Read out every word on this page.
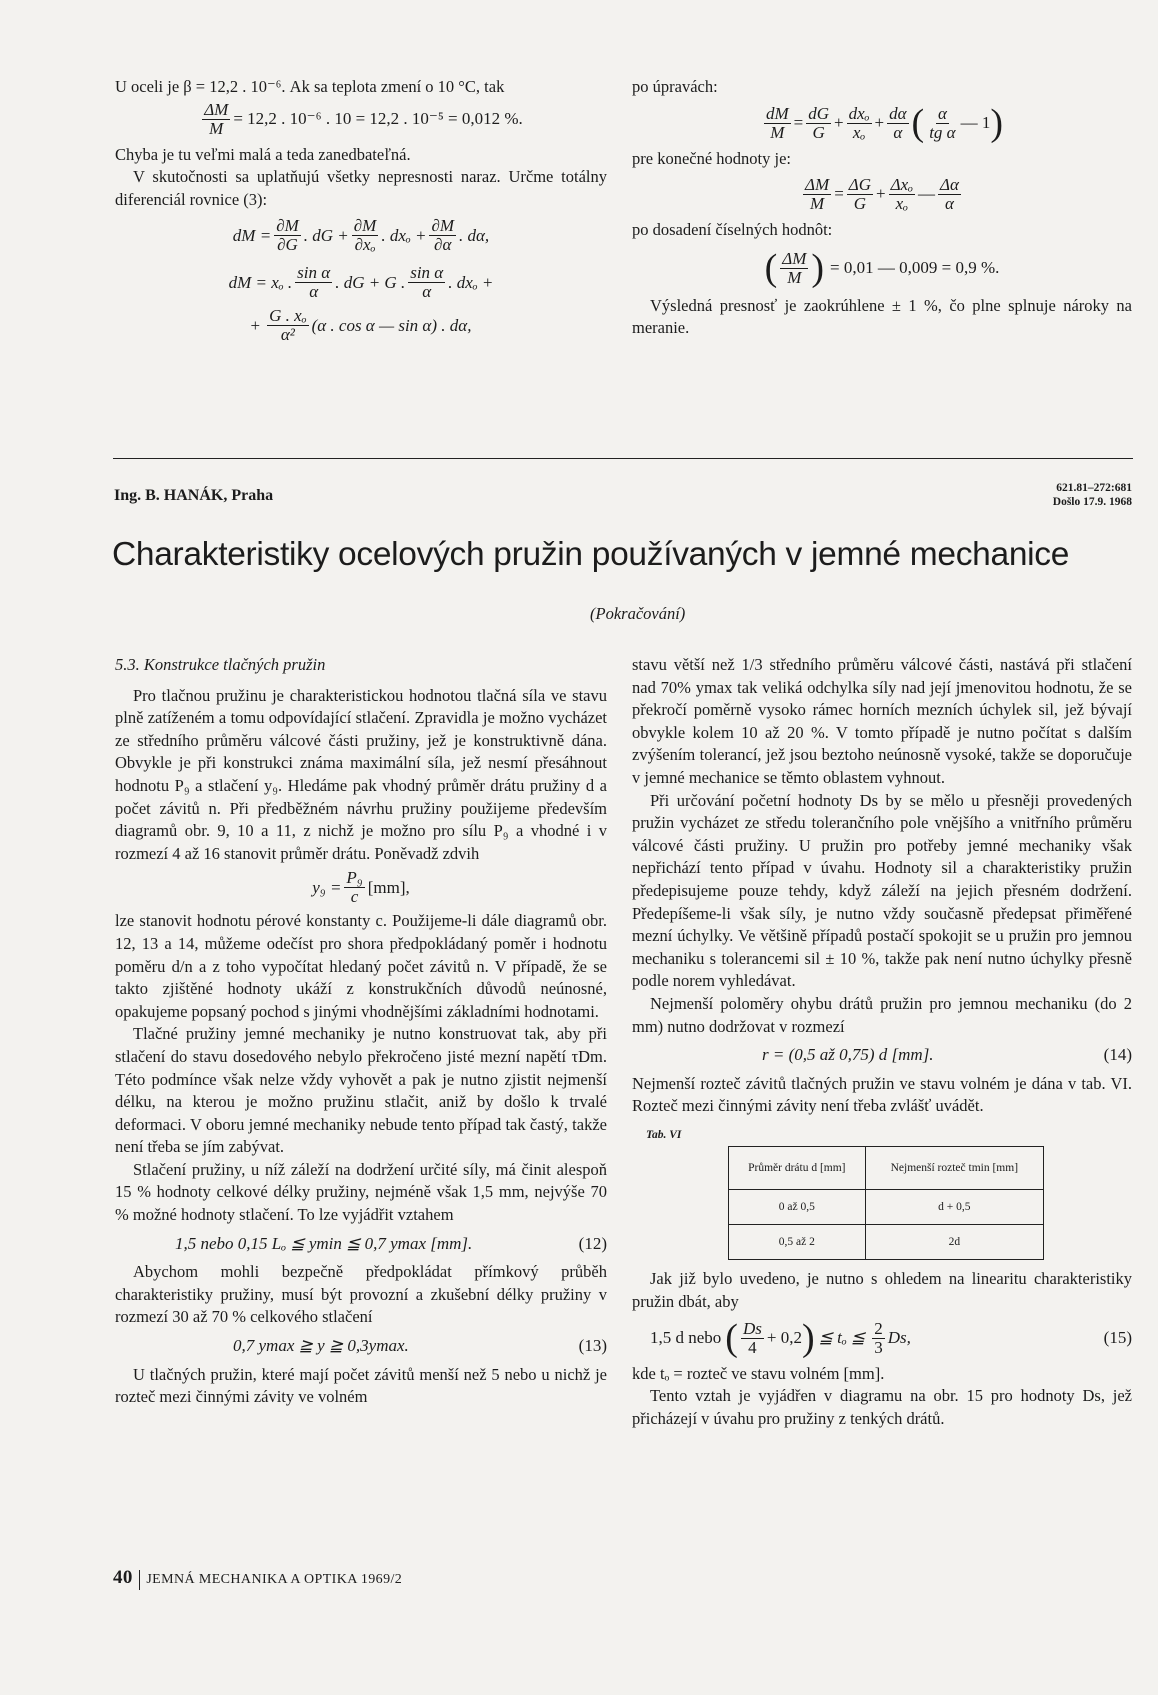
U oceli je β = 12,2 . 10⁻⁶. Ak sa teplota zmení o 10 °C, tak

$\frac{\Delta M}{M} = 12,2$ . 10⁻⁶ . 10 = 12,2 . 10⁻⁵ = 0,012 %.

Chyba je tu veľmi malá a teda zanedbateľná.

V skutočnosti sa uplatňujú všetky nepresnosti naraz. Určme totálny diferenciál rovnice (3):

dM = $\frac{\partial M}{\partial G}$ . dG + $\frac{\partial M}{\text{∂xₒ}}$ . $dx_o + \frac{\partial M}{\partial\alpha}$ . dα,
dM = xₒ . $\frac{\text{sin α}}{\alpha}$ . dG + G . $\frac{\text{sin α}}{\alpha}$ . dxₒ +
+ $\frac{\text{G . xₒ}}{\text{α²}} (\alpha$ . cos α — sin α) . dα,

po úpravách:

$\frac{dM}{M} = \frac{dG}{G} + \frac{\text{dxₒ}}{\text{xₒ}} + \frac{d\alpha}{\alpha}$ ( $\frac{\alpha}{\text{tg α}}$ — 1 )

pre konečné hodnoty je:

$\frac{\Delta M}{M} = \frac{\Delta G}{G} + \frac{\text{Δxₒ}}{\text{xₒ}}$ — $\frac{\Delta\alpha}{\alpha}$

po dosadení číselných hodnôt:

( $\frac{\Delta M}{M}$ ) = 0,01 — 0,009 = 0,9 %.

Výsledná presnosť je zaokrúhlene ± 1 %, čo plne splnuje nároky na meranie.

Ing. B. HANÁK, Praha	621.81–272:681
Došlo 17.9. 1968
Charakteristiky ocelových pružin používaných v jemné mechanice
(Pokračování)

5.3. Konstrukce tlačných pružin

Pro tlačnou pružinu je charakteristickou hodnotou tlačná síla ve stavu plně zatíženém a tomu odpovídající stlačení. Zpravidla je možno vycházet ze středního průměru válcové části pružiny, jež je konstruktivně dána. Obvykle je při konstrukci známa maximální síla, jež nesmí přesáhnout hodnotu P₉ a stlačení y₉. Hledáme pak vhodný průměr drátu pružiny d a počet závitů n. Při předběžném návrhu pružiny použijeme především diagramů obr. 9, 10 a 11, z nichž je možno pro sílu P₉ a vhodné i v rozmezí 4 až 16 stanovit průměr drátu. Poněvadž zdvih

$y_9 = \frac{\text{P₉}}{c} [mm]$,

lze stanovit hodnotu pérové konstanty c. Použijeme-li dále diagramů obr. 12, 13 a 14, můžeme odečíst pro shora předpokládaný poměr i hodnotu poměru d/n a z toho vypočítat hledaný počet závitů n. V případě, že se takto zjištěné hodnoty ukáží z konstrukčních důvodů neúnosné, opakujeme popsaný pochod s jinými vhodnějšími základními hodnotami.

Tlačné pružiny jemné mechaniky je nutno konstruovat tak, aby při stlačení do stavu dosedového nebylo překročeno jisté mezní napětí τDm. Této podmínce však nelze vždy vyhovět a pak je nutno zjistit nejmenší délku, na kterou je možno pružinu stlačit, aniž by došlo k trvalé deformaci. V oboru jemné mechaniky nebude tento případ tak častý, takže není třeba se jím zabývat.

Stlačení pružiny, u níž záleží na dodržení určité síly, má činit alespoň 15 % hodnoty celkové délky pružiny, nejméně však 1,5 mm, nejvýše 70 % možné hodnoty stlačení. To lze vyjádřit vztahem

1,5 nebo 0,15 Lₒ ≦ ymin ≦ 0,7 ymax [mm].	(12)

Abychom mohli bezpečně předpokládat přímkový průběh charakteristiky pružiny, musí být provozní a zkušební délky pružiny v rozmezí 30 až 70 % celkového stlačení

0,7 ymax ≧ y ≧ 0,3ymax.	(13)

U tlačných pružin, které mají počet závitů menší než 5 nebo u nichž je rozteč mezi činnými závity ve volném

stavu větší než 1/3 středního průměru válcové části, nastává při stlačení nad 70% ymax tak veliká odchylka síly nad její jmenovitou hodnotu, že se překročí poměrně vysoko rámec horních mezních úchylek sil, jež bývají obvykle kolem 10 až 20 %. V tomto případě je nutno počítat s dalším zvýšením tolerancí, jež jsou beztoho neúnosně vysoké, takže se doporučuje v jemné mechanice se těmto oblastem vyhnout.

Při určování početní hodnoty Ds by se mělo u přesněji provedených pružin vycházet ze středu tolerančního pole vnějšího a vnitřního průměru válcové části pružiny. U pružin pro potřeby jemné mechaniky však nepřichází tento případ v úvahu. Hodnoty sil a charakteristiky pružin předepisujeme pouze tehdy, když záleží na jejich přesném dodržení. Předepíšeme-li však síly, je nutno vždy současně předepsat přiměřené mezní úchylky. Ve většině případů postačí spokojit se u pružin pro jemnou mechaniku s tolerancemi sil ± 10 %, takže pak není nutno úchylky přesně podle norem vyhledávat.

Nejmenší poloměry ohybu drátů pružin pro jemnou mechaniku (do 2 mm) nutno dodržovat v rozmezí

r = (0,5 až 0,75) d [mm].	(14)

Nejmenší rozteč závitů tlačných pružin ve stavu volném je dána v tab. VI. Rozteč mezi činnými závity není třeba zvlášť uvádět.

Tab. VI
Průměr drátu d [mm]	Nejmenší rozteč tmin [mm]
0 až 0,5	d + 0,5
0,5 až 2	2d

Jak již bylo uvedeno, je nutno s ohledem na linearitu charakteristiky pružin dbát, aby

1,5 d nebo ( $\frac{Ds}{4} + 0,2$ ) ≦ tₒ ≦ $\frac{2}{3} Ds$,	(15)

kde tₒ = rozteč ve stavu volném [mm].

Tento vztah je vyjádřen v diagramu na obr. 15 pro hodnoty Ds, jež přicházejí v úvahu pro pružiny z tenkých drátů.

40 JEMNÁ MECHANIKA A OPTIKA 1969/2
